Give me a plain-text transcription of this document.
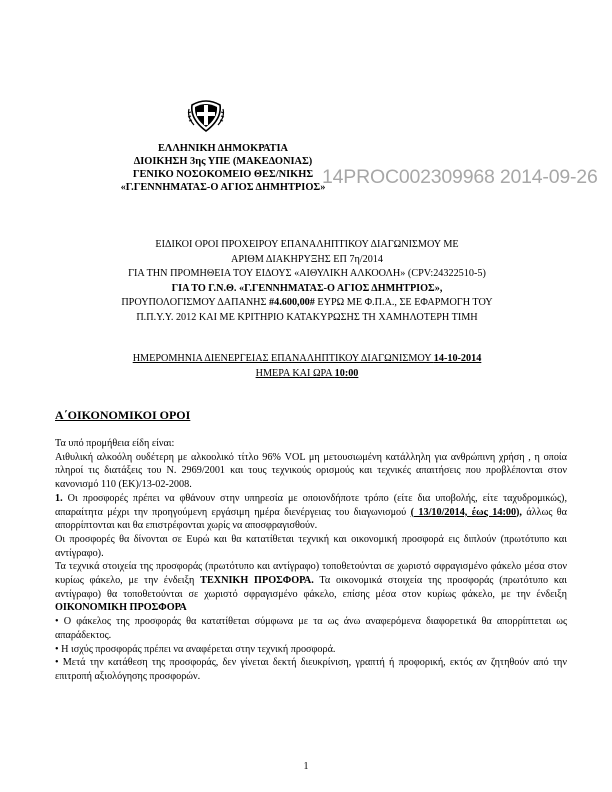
ΕΛΛΗΝΙΚΗ ΔΗΜΟΚΡΑΤΙΑ
ΔΙΟΙΚΗΣΗ 3ης ΥΠΕ (ΜΑΚΕΔΟΝΙΑΣ)
ΓΕΝΙΚΟ ΝΟΣΟΚΟΜΕΙΟ ΘΕΣ/ΝΙΚΗΣ
«Γ.ΓΕΝΝΗΜΑΤΑΣ-Ο ΑΓΙΟΣ ΔΗΜΗΤΡΙΟΣ»
14PROC002309968 2014-09-26
ΕΙΔΙΚΟΙ ΟΡΟΙ ΠΡΟΧΕΙΡΟΥ ΕΠΑΝΑΛΗΠΤΙΚΟΥ ΔΙΑΓΩΝΙΣΜΟΥ ΜΕ
ΑΡΙΘΜ ΔΙΑΚΗΡΥΞΗΣ ΕΠ 7η/2014
ΓΙΑ ΤΗΝ ΠΡΟΜΗΘΕΙΑ ΤΟΥ ΕΙΔΟΥΣ «ΑΙΘΥΛΙΚΗ ΑΛΚΟΟΛΗ» (CPV:24322510-5)
ΓΙΑ ΤΟ Γ.Ν.Θ. «Γ.ΓΕΝΝΗΜΑΤΑΣ-Ο ΑΓΙΟΣ ΔΗΜΗΤΡΙΟΣ»,
ΠΡΟΥΠΟΛΟΓΙΣΜΟΥ ΔΑΠΑΝΗΣ #4.600,00# ΕΥΡΩ ΜΕ Φ.Π.Α., ΣΕ ΕΦΑΡΜΟΓΗ ΤΟΥ
Π.Π.Υ.Υ. 2012 ΚΑΙ ΜΕ ΚΡΙΤΗΡΙΟ ΚΑΤΑΚΥΡΩΣΗΣ ΤΗ ΧΑΜΗΛΟΤΕΡΗ ΤΙΜΗ
ΗΜΕΡΟΜΗΝΙΑ ΔΙΕΝΕΡΓΕΙΑΣ ΕΠΑΝΑΛΗΠΤΙΚΟΥ ΔΙΑΓΩΝΙΣΜΟΥ 14-10-2014
ΗΜΕΡΑ ΚΑΙ ΩΡΑ 10:00
Α΄ΟΙΚΟΝΟΜΙΚΟΙ ΟΡΟΙ

Τα υπό προμήθεια είδη είναι:

Αιθυλική αλκοόλη ουδέτερη με αλκοολικό τίτλο 96% VOL μη μετουσιωμένη κατάλληλη για ανθρώπινη χρήση , η οποία πληροί τις διατάξεις του Ν. 2969/2001 και τους τεχνικούς ορισμούς και τεχνικές απαιτήσεις που προβλέπονται στον κανονισμό 110 (ΕΚ)/13-02-2008.

1. Οι προσφορές πρέπει να φθάνουν στην υπηρεσία με οποιονδήποτε τρόπο (είτε δια υποβολής, είτε ταχυδρομικώς), απαραίτητα μέχρι την προηγούμενη εργάσιμη ημέρα διενέργειας του διαγωνισμού ( 13/10/2014, έως 14:00), άλλως θα απορρίπτονται και θα επιστρέφονται χωρίς να αποσφραγισθούν.

Οι προσφορές θα δίνονται σε Ευρώ και θα κατατίθεται τεχνική και οικονομική προσφορά εις διπλούν (πρωτότυπο και αντίγραφο).

Τα τεχνικά στοιχεία της προσφοράς (πρωτότυπο και αντίγραφο) τοποθετούνται σε χωριστό σφραγισμένο φάκελο μέσα στον κυρίως φάκελο, με την ένδειξη ΤΕΧΝΙΚΗ ΠΡΟΣΦΟΡΑ. Τα οικονομικά στοιχεία της προσφοράς (πρωτότυπο και αντίγραφο) θα τοποθετούνται σε χωριστό σφραγισμένο φάκελο, επίσης μέσα στον κυρίως φάκελο, με την ένδειξη ΟΙΚΟΝΟΜΙΚΗ ΠΡΟΣΦΟΡΑ

• Ο φάκελος της προσφοράς θα κατατίθεται σύμφωνα με τα ως άνω αναφερόμενα διαφορετικά θα απορρίπτεται ως απαράδεκτος.

• Η ισχύς προσφοράς πρέπει να αναφέρεται στην τεχνική προσφορά.

• Μετά την κατάθεση της προσφοράς, δεν γίνεται δεκτή διευκρίνιση, γραπτή ή προφορική, εκτός αν ζητηθούν από την επιτροπή αξιολόγησης προσφορών.

1
